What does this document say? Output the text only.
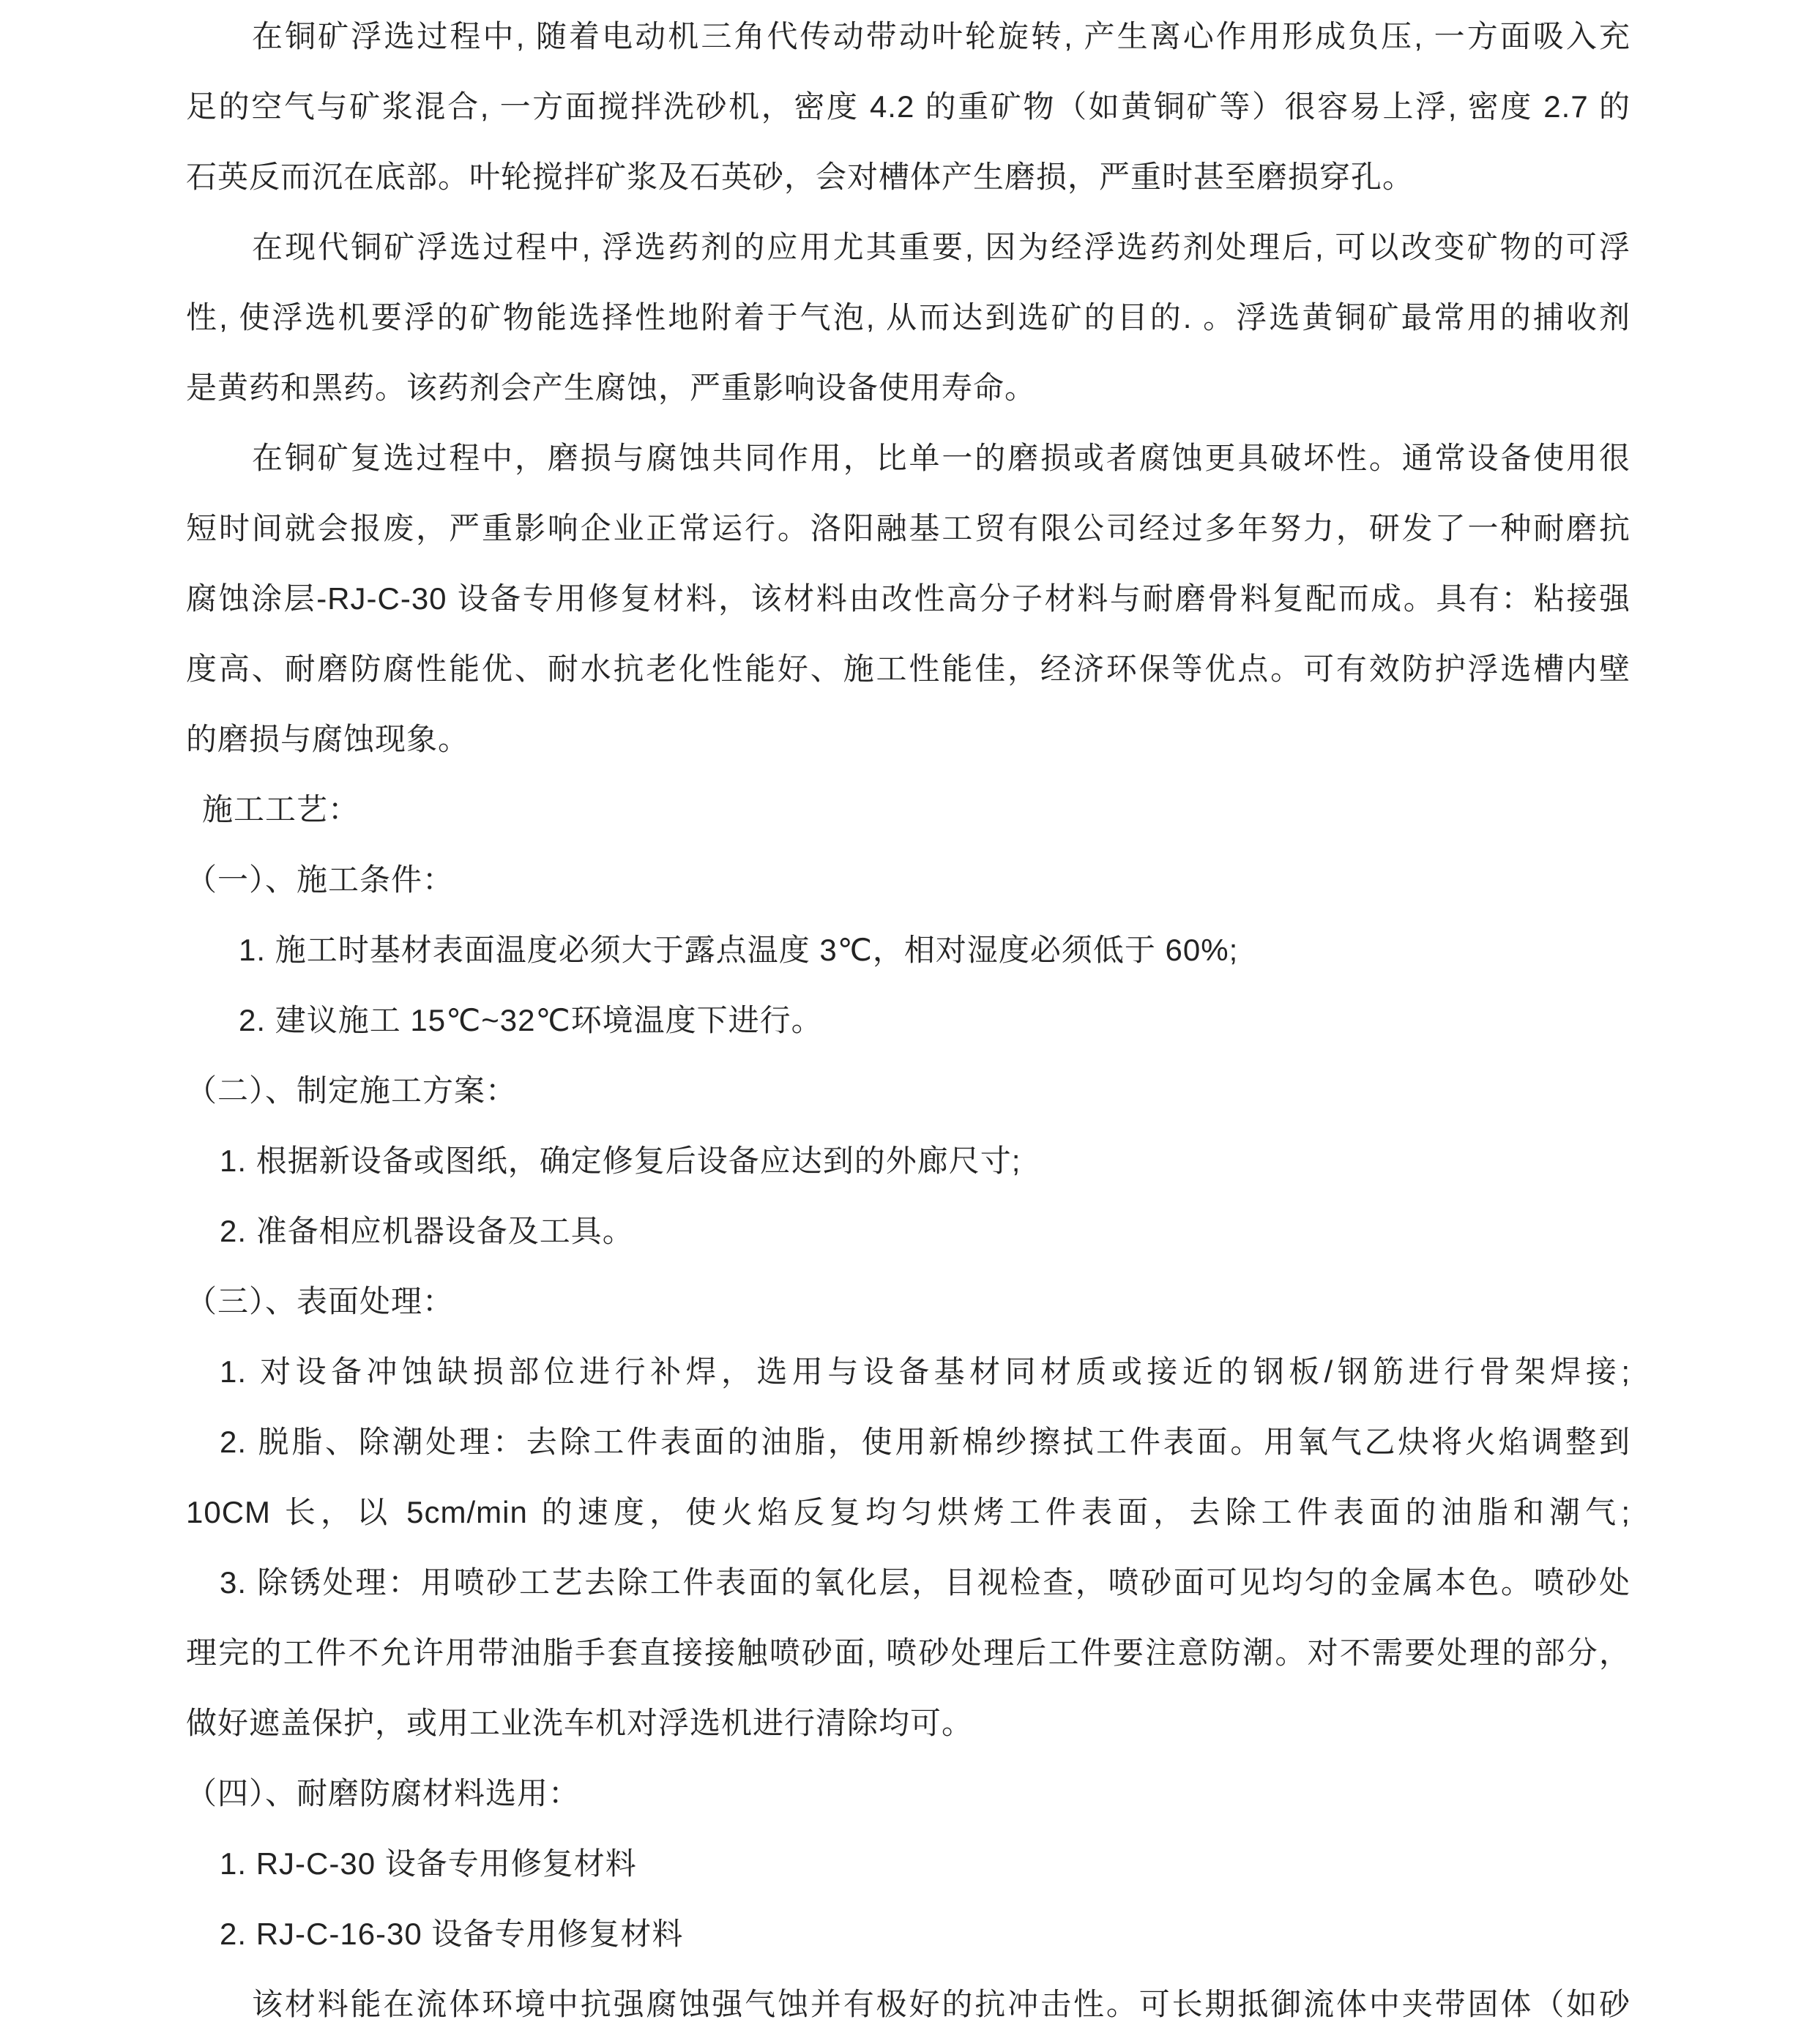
在铜矿浮选过程中, 随着电动机三角代传动带动叶轮旋转, 产生离心作用形成负压, 一方面吸入充
足的空气与矿浆混合, 一方面搅拌洗砂机，密度 4.2 的重矿物（如黄铜矿等）很容易上浮, 密度 2.7 的
石英反而沉在底部。叶轮搅拌矿浆及石英砂，会对槽体产生磨损，严重时甚至磨损穿孔。
在现代铜矿浮选过程中, 浮选药剂的应用尤其重要, 因为经浮选药剂处理后, 可以改变矿物的可浮
性, 使浮选机要浮的矿物能选择性地附着于气泡, 从而达到选矿的目的. 。浮选黄铜矿最常用的捕收剂
是黄药和黑药。该药剂会产生腐蚀，严重影响设备使用寿命。
在铜矿复选过程中，磨损与腐蚀共同作用，比单一的磨损或者腐蚀更具破坏性。通常设备使用很
短时间就会报废，严重影响企业正常运行。洛阳融基工贸有限公司经过多年努力，研发了一种耐磨抗
腐蚀涂层-RJ-C-30 设备专用修复材料，该材料由改性高分子材料与耐磨骨料复配而成。具有：粘接强
度高、耐磨防腐性能优、耐水抗老化性能好、施工性能佳，经济环保等优点。可有效防护浮选槽内壁
的磨损与腐蚀现象。
施工工艺：
（一）、施工条件：
1. 施工时基材表面温度必须大于露点温度 3℃，相对湿度必须低于 60%;
2. 建议施工 15℃~32℃环境温度下进行。
（二）、制定施工方案：
1. 根据新设备或图纸，确定修复后设备应达到的外廊尺寸;
2. 准备相应机器设备及工具。
（三）、表面处理：
1. 对设备冲蚀缺损部位进行补焊，选用与设备基材同材质或接近的钢板/钢筋进行骨架焊接;
2. 脱脂、除潮处理：去除工件表面的油脂，使用新棉纱擦拭工件表面。用氧气乙炔将火焰调整到
10CM 长，以 5cm/min 的速度，使火焰反复均匀烘烤工件表面，去除工件表面的油脂和潮气;
3. 除锈处理：用喷砂工艺去除工件表面的氧化层，目视检查，喷砂面可见均匀的金属本色。喷砂处
理完的工件不允许用带油脂手套直接接触喷砂面, 喷砂处理后工件要注意防潮。对不需要处理的部分，
做好遮盖保护，或用工业洗车机对浮选机进行清除均可。
（四）、耐磨防腐材料选用：
1. RJ-C-30 设备专用修复材料
2. RJ-C-16-30 设备专用修复材料
该材料能在流体环境中抗强腐蚀强气蚀并有极好的抗冲击性。可长期抵御流体中夹带固体（如砂
